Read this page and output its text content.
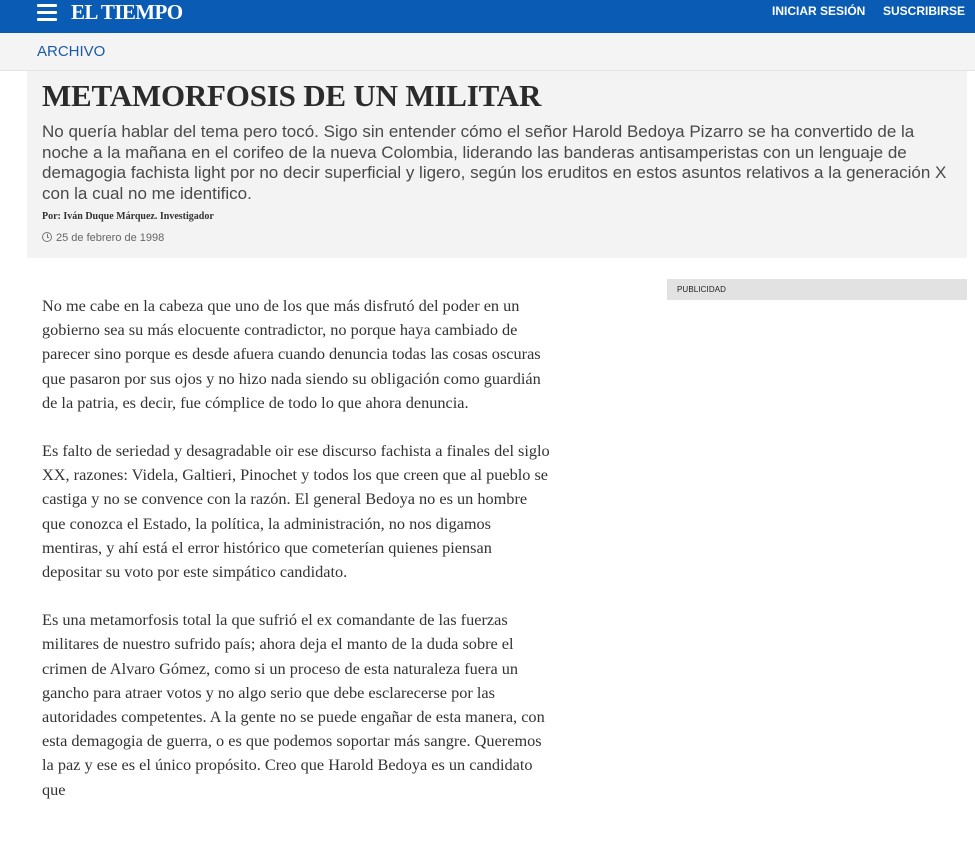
EL TIEMPO	INICIAR SESIÓN SUSCRIBIRSE
ARCHIVO
METAMORFOSIS DE UN MILITAR

No quería hablar del tema pero tocó. Sigo sin entender cómo el señor Harold Bedoya Pizarro se ha convertido de la noche a la mañana en el corifeo de la nueva Colombia, liderando las banderas antisamperistas con un lenguaje de demagogia fachista light por no decir superficial y ligero, según los eruditos en estos asuntos relativos a la generación X con la cual no me identifico.

Por: Iván Duque Márquez. Investigador
25 de febrero de 1998
PUBLICIDAD

No me cabe en la cabeza que uno de los que más disfrutó del poder en un gobierno sea su más elocuente contradictor, no porque haya cambiado de parecer sino porque es desde afuera cuando denuncia todas las cosas oscuras que pasaron por sus ojos y no hizo nada siendo su obligación como guardián de la patria, es decir, fue cómplice de todo lo que ahora denuncia.

Es falto de seriedad y desagradable oir ese discurso fachista a finales del siglo XX, razones: Videla, Galtieri, Pinochet y todos los que creen que al pueblo se castiga y no se convence con la razón. El general Bedoya no es un hombre que conozca el Estado, la política, la administración, no nos digamos mentiras, y ahí está el error histórico que cometerían quienes piensan depositar su voto por este simpático candidato.

Es una metamorfosis total la que sufrió el ex comandante de las fuerzas militares de nuestro sufrido país; ahora deja el manto de la duda sobre el crimen de Alvaro Gómez, como si un proceso de esta naturaleza fuera un gancho para atraer votos y no algo serio que debe esclarecerse por las autoridades competentes. A la gente no se puede engañar de esta manera, con esta demagogia de guerra, o es que podemos soportar más sangre. Queremos la paz y ese es el único propósito. Creo que Harold Bedoya es un candidato que
